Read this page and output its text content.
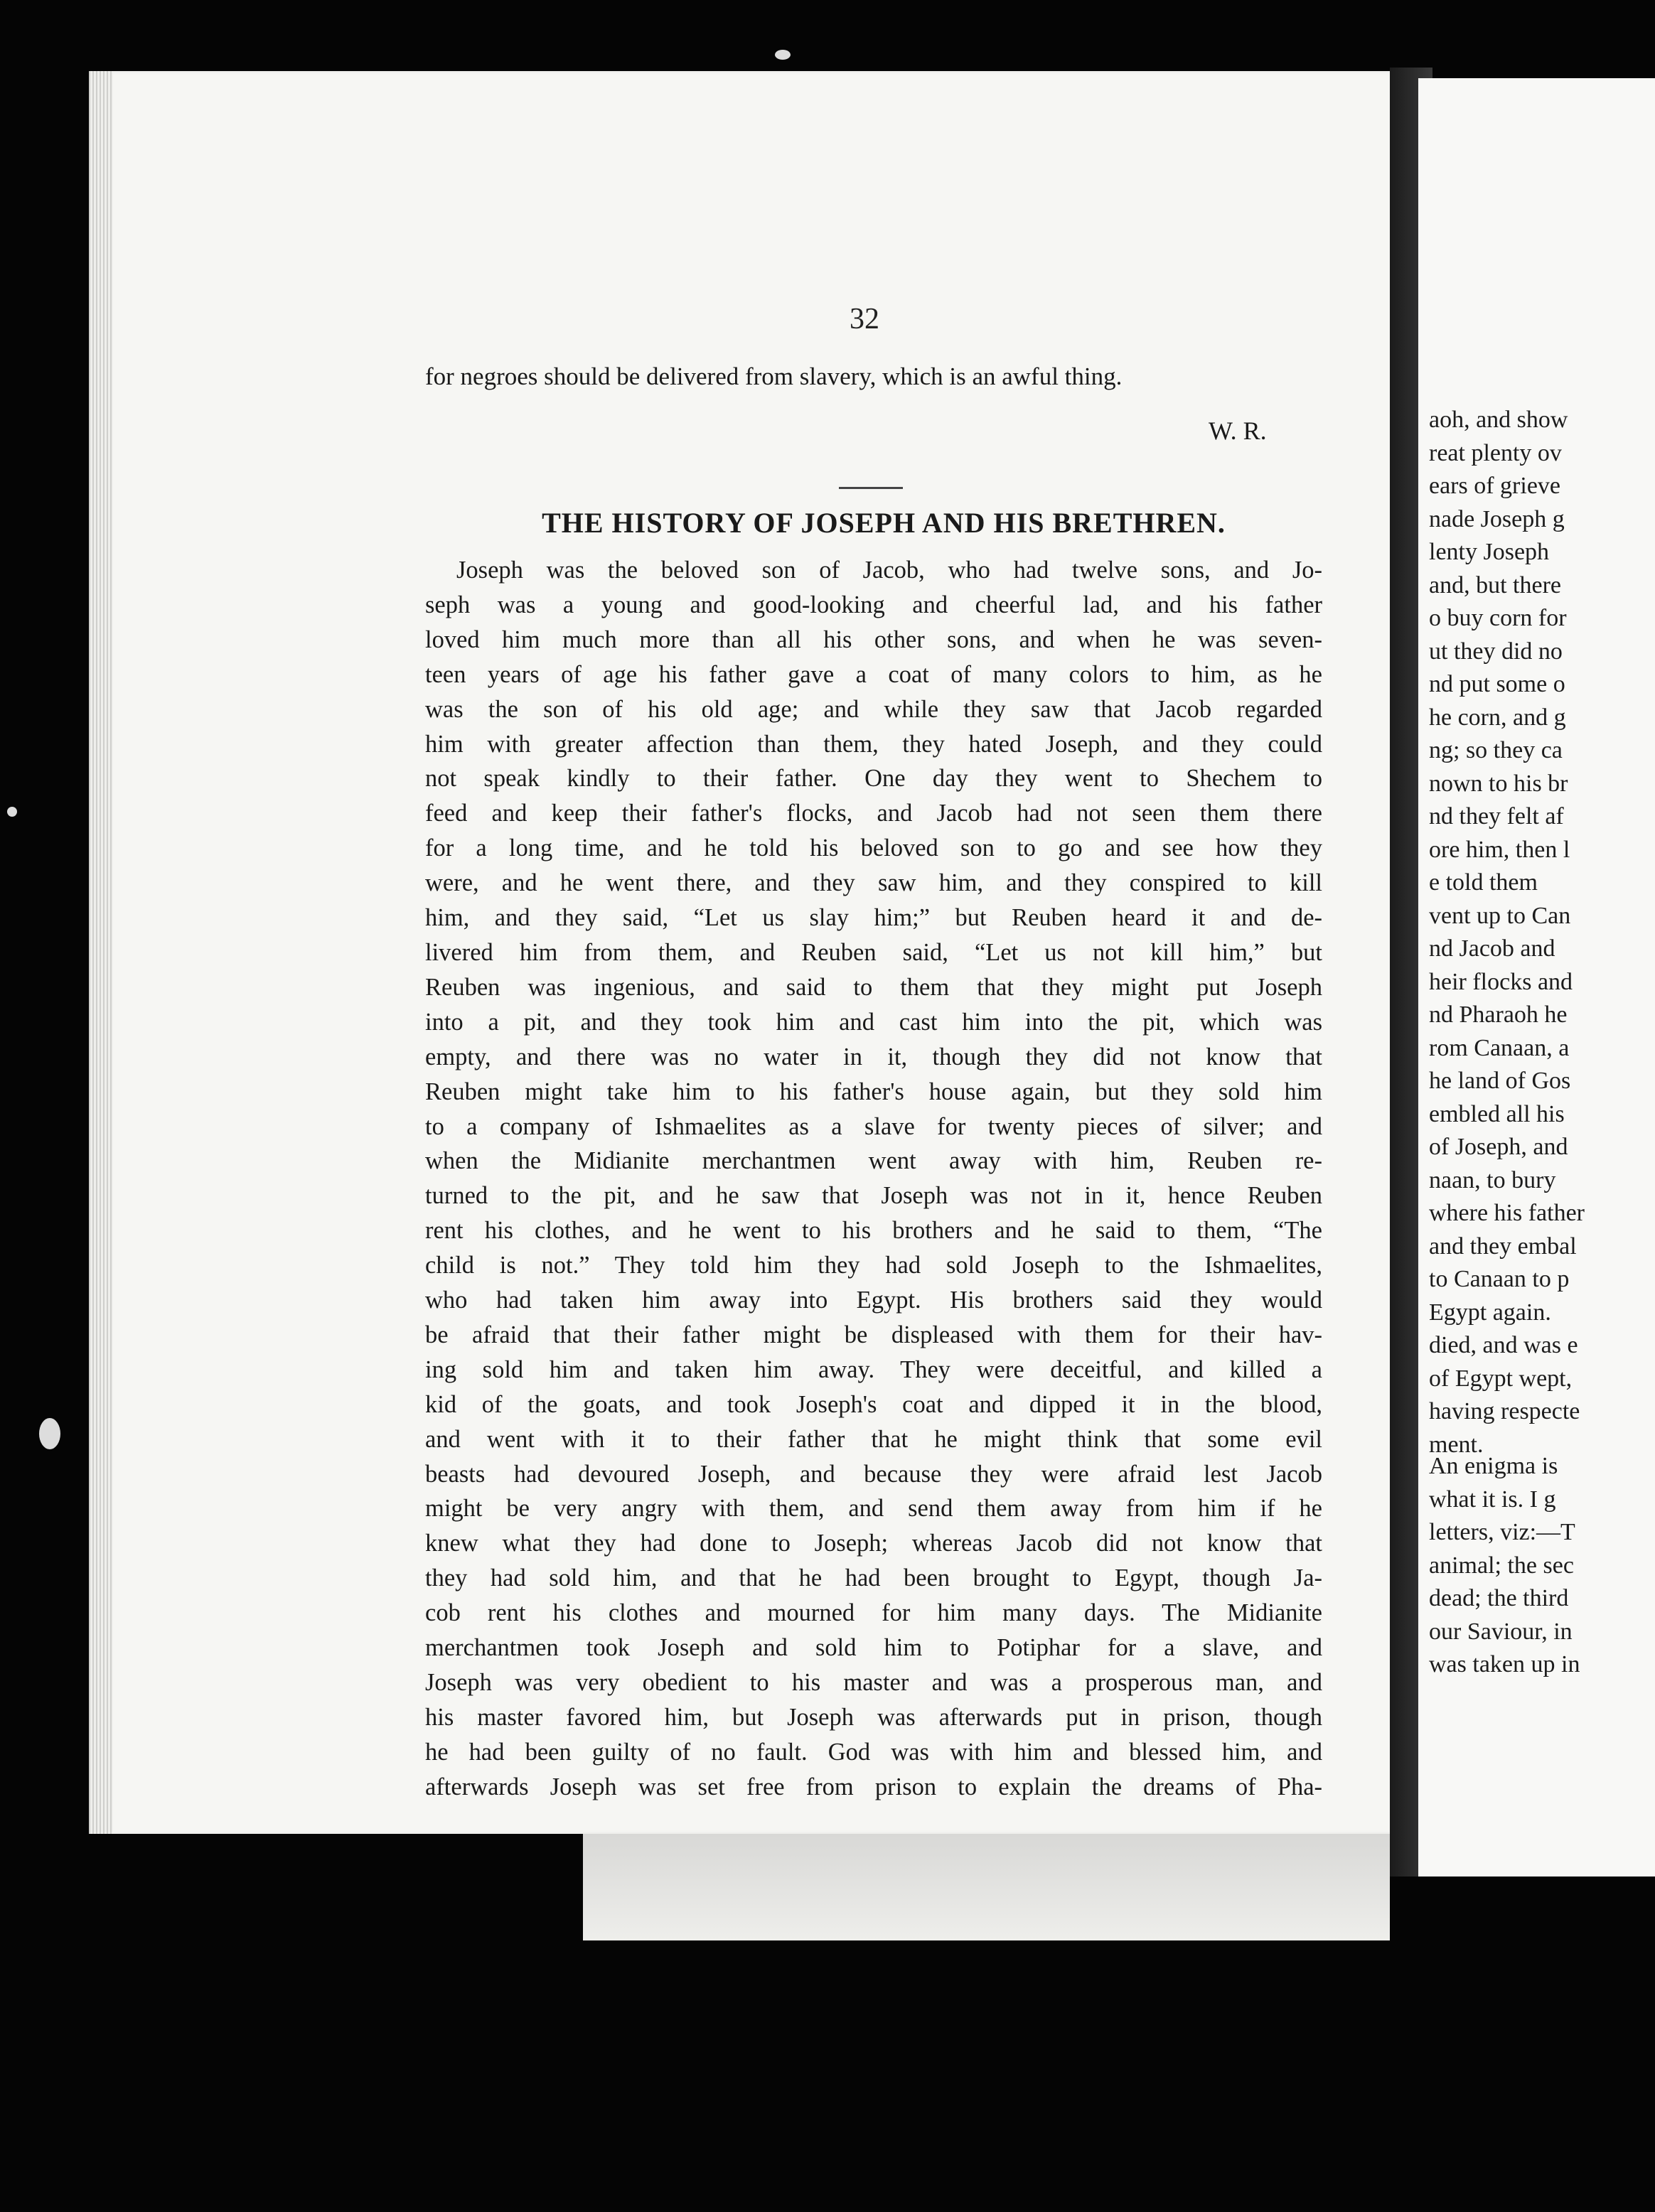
32

for negroes should be delivered from slavery, which is an awful thing.

W. R.
THE HISTORY OF JOSEPH AND HIS BRETHREN.
Joseph was the beloved son of Jacob, who had twelve sons, and Jo-
seph was a young and good-looking and cheerful lad, and his father
loved him much more than all his other sons, and when he was seven-
teen years of age his father gave a coat of many colors to him, as he
was the son of his old age; and while they saw that Jacob regarded
him with greater affection than them, they hated Joseph, and they could
not speak kindly to their father. One day they went to Shechem to
feed and keep their father's flocks, and Jacob had not seen them there
for a long time, and he told his beloved son to go and see how they
were, and he went there, and they saw him, and they conspired to kill
him, and they said, “Let us slay him;” but Reuben heard it and de-
livered him from them, and Reuben said, “Let us not kill him,” but
Reuben was ingenious, and said to them that they might put Joseph
into a pit, and they took him and cast him into the pit, which was
empty, and there was no water in it, though they did not know that
Reuben might take him to his father's house again, but they sold him
to a company of Ishmaelites as a slave for twenty pieces of silver; and
when the Midianite merchantmen went away with him, Reuben re-
turned to the pit, and he saw that Joseph was not in it, hence Reuben
rent his clothes, and he went to his brothers and he said to them, “The
child is not.” They told him they had sold Joseph to the Ishmaelites,
who had taken him away into Egypt. His brothers said they would
be afraid that their father might be displeased with them for their hav-
ing sold him and taken him away. They were deceitful, and killed a
kid of the goats, and took Joseph's coat and dipped it in the blood,
and went with it to their father that he might think that some evil
beasts had devoured Joseph, and because they were afraid lest Jacob
might be very angry with them, and send them away from him if he
knew what they had done to Joseph; whereas Jacob did not know that
they had sold him, and that he had been brought to Egypt, though Ja-
cob rent his clothes and mourned for him many days. The Midianite
merchantmen took Joseph and sold him to Potiphar for a slave, and
Joseph was very obedient to his master and was a prosperous man, and
his master favored him, but Joseph was afterwards put in prison, though
he had been guilty of no fault. God was with him and blessed him, and
afterwards Joseph was set free from prison to explain the dreams of Pha-
aoh, and show
reat plenty ov
ears of grieve
nade Joseph g
lenty Joseph
and, but there
o buy corn for
ut they did no
nd put some o
he corn, and g
ng; so they ca
nown to his br
nd they felt af
ore him, then l
e told them
vent up to Can
nd Jacob and
heir flocks and
nd Pharaoh he
rom Canaan, a
he land of Gos
embled all his
of Joseph, and
naan, to bury
where his father
and they embal
to Canaan to p
Egypt again.
died, and was e
of Egypt wept,
having respecte
ment.
An enigma is
what it is. I g
letters, viz:—T
animal; the sec
dead; the third
our Saviour, in
was taken up in
